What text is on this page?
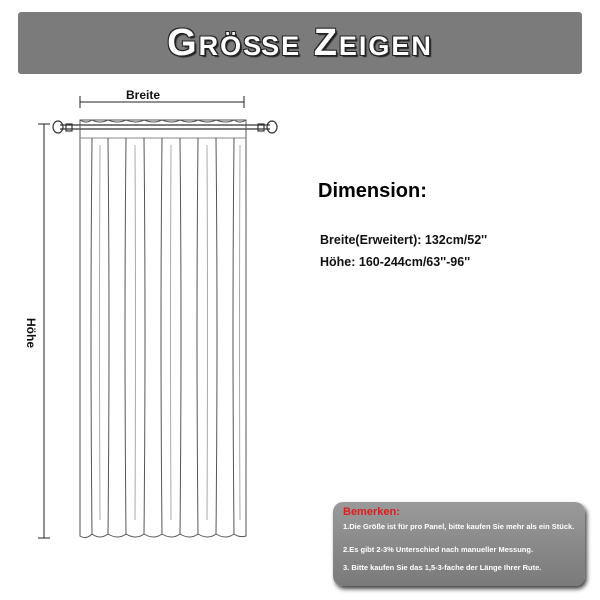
Größe Zeigen
Breite
Höhe
Dimension:
Breite(Erweitert): 132cm/52''
Höhe: 160-244cm/63''-96''
Bemerken:
1.Die Größe ist für pro Panel, bitte kaufen Sie mehr als ein Stück.
2.Es gibt 2-3% Unterschied nach manueller Messung.
3. Bitte kaufen Sie das 1,5-3-fache der Länge Ihrer Rute.
